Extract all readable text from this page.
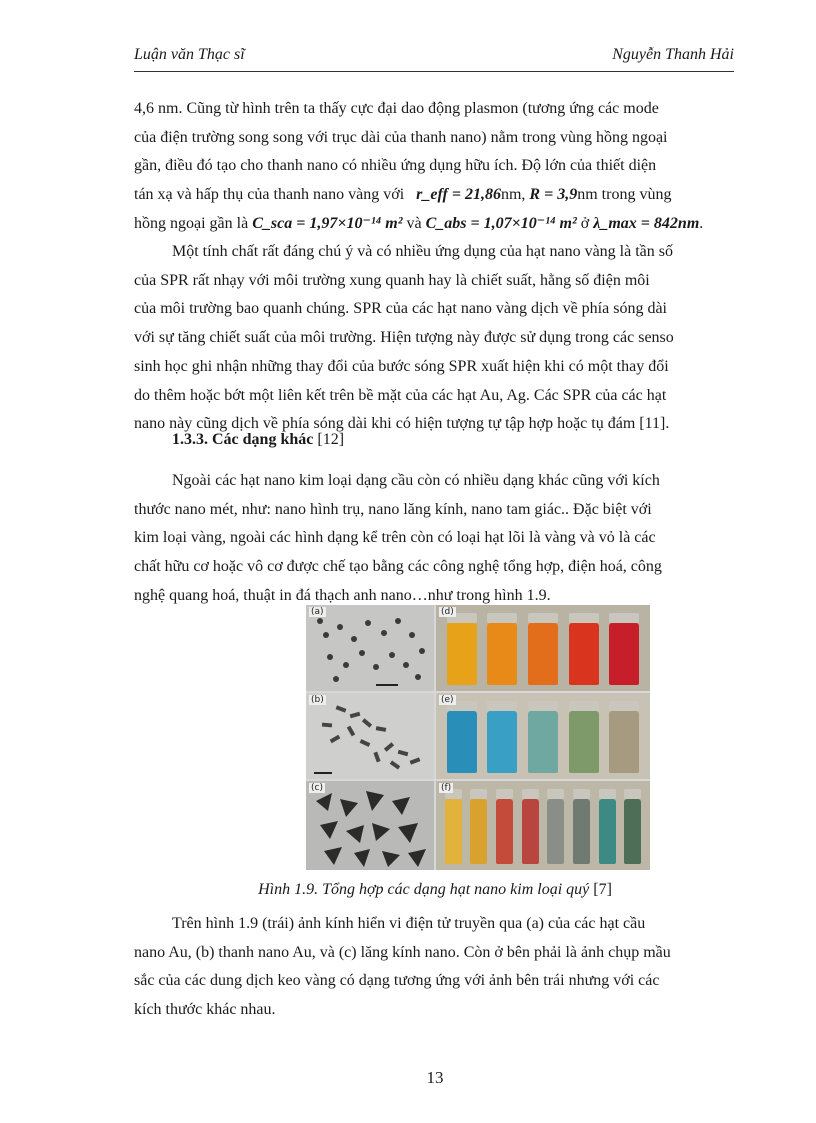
Luận văn Thạc sĩ	Nguyễn Thanh Hải

4,6 nm. Cũng từ hình trên ta thấy cực đại dao động plasmon (tương ứng các mode
của điện trường song song với trục dài của thanh nano) nằm trong vùng hồng ngoại
gần, điều đó tạo cho thanh nano có nhiều ứng dụng hữu ích. Độ lớn của thiết diện
tán xạ và hấp thụ của thanh nano vàng với r_eff = 21,86nm, R = 3,9nm trong vùng
hồng ngoại gần là C_sca = 1,97×10⁻¹⁴ m² và C_abs = 1,07×10⁻¹⁴ m² ở λ_max = 842nm.

Một tính chất rất đáng chú ý và có nhiều ứng dụng của hạt nano vàng là tần số
của SPR rất nhạy với môi trường xung quanh hay là chiết suất, hằng số điện môi
của môi trường bao quanh chúng. SPR của các hạt nano vàng dịch về phía sóng dài
với sự tăng chiết suất của môi trường. Hiện tượng này được sử dụng trong các senso
sinh học ghi nhận những thay đổi của bước sóng SPR xuất hiện khi có một thay đổi
do thêm hoặc bớt một liên kết trên bề mặt của các hạt Au, Ag. Các SPR của các hạt
nano này cũng dịch về phía sóng dài khi có hiện tượng tự tập hợp hoặc tụ đám [11].

1.3.3. Các dạng khác [12]

Ngoài các hạt nano kim loại dạng cầu còn có nhiều dạng khác cũng với kích
thước nano mét, như: nano hình trụ, nano lăng kính, nano tam giác.. Đặc biệt với
kim loại vàng, ngoài các hình dạng kể trên còn có loại hạt lõi là vàng và vỏ là các
chất hữu cơ hoặc vô cơ được chế tạo bằng các công nghệ tổng hợp, điện hoá, công
nghệ quang hoá, thuật in đá thạch anh nano…như trong hình 1.9.

(a)
(b)
(c)
(d)
(e)
(f)
Hình 1.9. Tổng hợp các dạng hạt nano kim loại quý [7]

Trên hình 1.9 (trái) ảnh kính hiển vi điện tử truyền qua (a) của các hạt cầu
nano Au, (b) thanh nano Au, và (c) lăng kính nano. Còn ở bên phải là ảnh chụp mầu
sắc của các dung dịch keo vàng có dạng tương ứng với ảnh bên trái nhưng với các
kích thước khác nhau.

13
